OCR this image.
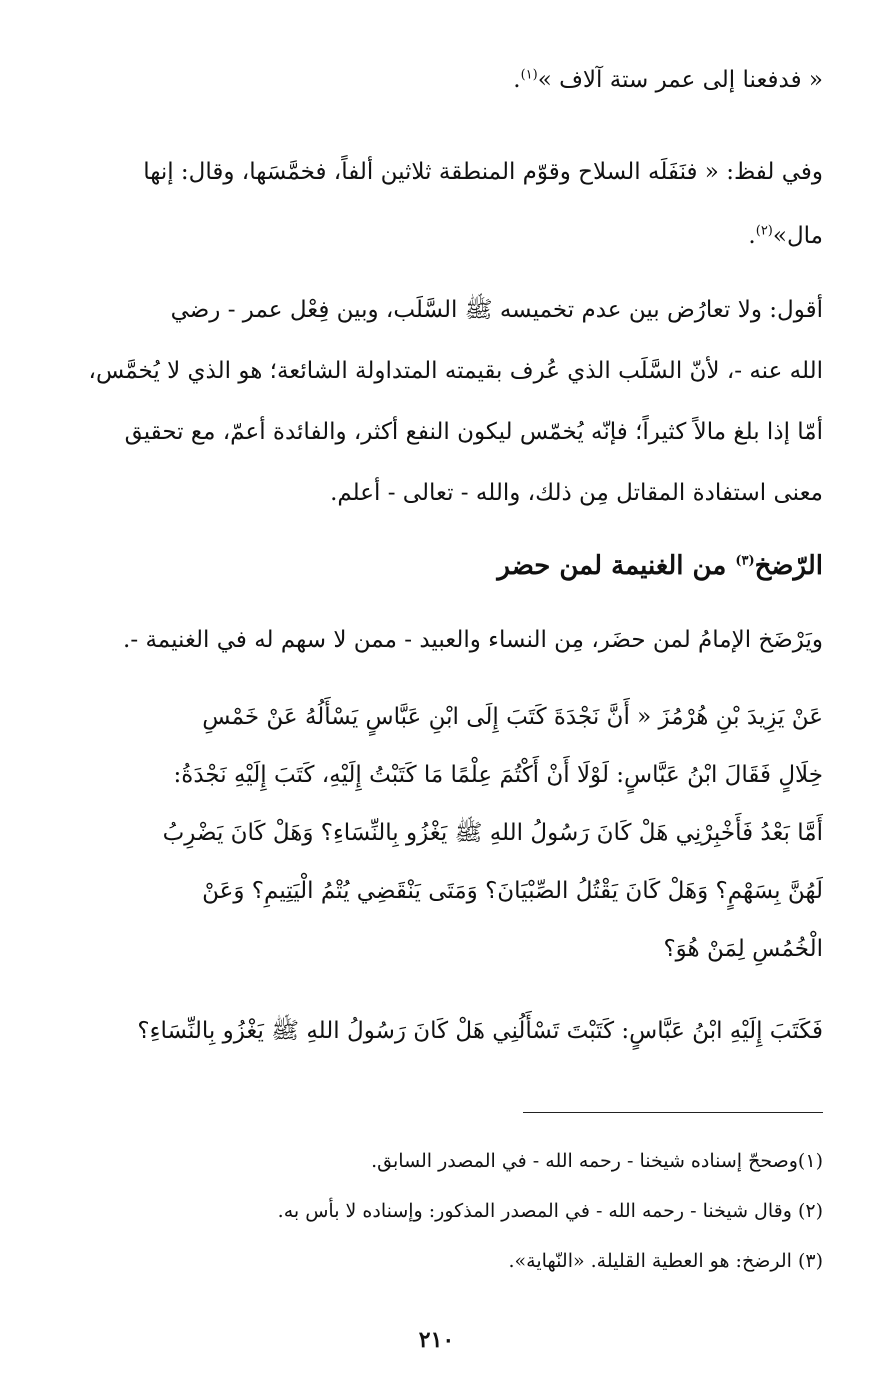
« فدفعنا إلى عمر ستة آلاف »$^{(١)}$.
وفي لفظ: « فنَفَلَه السلاح وقوّم المنطقة ثلاثين ألفاً، فخمَّسَها، وقال: إنها
مال»$^{(٢)}$.
أقول: ولا تعارُض بين عدم تخميسه ﷺ السَّلَب، وبين فِعْل عمر - رضي
الله عنه -، لأنّ السَّلَب الذي عُرف بقيمته المتداولة الشائعة؛ هو الذي لا يُخمَّس،
أمّا إذا بلغ مالاً كثيراً؛ فإنّه يُخمّس ليكون النفع أكثر، والفائدة أعمّ، مع تحقيق
معنى استفادة المقاتل مِن ذلك، والله - تعالى - أعلم.
الرّضخ$^{(٣)}$ من الغنيمة لمن حضر
ويَرْضَخ الإمامُ لمن حضَر، مِن النساء والعبيد - ممن لا سهم له في الغنيمة -.
عَنْ يَزِيدَ بْنِ هُرْمُزَ « أَنَّ نَجْدَةَ كَتَبَ إِلَى ابْنِ عَبَّاسٍ يَسْأَلُهُ عَنْ خَمْسِ
خِلَالٍ فَقَالَ ابْنُ عَبَّاسٍ: لَوْلَا أَنْ أَكْتُمَ عِلْمًا مَا كَتَبْتُ إِلَيْهِ، كَتَبَ إِلَيْهِ نَجْدَةُ:
أَمَّا بَعْدُ فَأَخْبِرْنِي هَلْ كَانَ رَسُولُ اللهِ ﷺ يَغْزُو بِالنِّسَاءِ؟ وَهَلْ كَانَ يَضْرِبُ
لَهُنَّ بِسَهْمٍ؟ وَهَلْ كَانَ يَقْتُلُ الصِّبْيَانَ؟ وَمَتَى يَنْقَضِي يُتْمُ الْيَتِيمِ؟ وَعَنْ
الْخُمُسِ لِمَنْ هُوَ؟
فَكَتَبَ إِلَيْهِ ابْنُ عَبَّاسٍ: كَتَبْتَ تَسْأَلُنِي هَلْ كَانَ رَسُولُ اللهِ ﷺ يَغْزُو بِالنِّسَاءِ؟
(١)وصححّ إسناده شيخنا - رحمه الله - في المصدر السابق.
(٢) وقال شيخنا - رحمه الله - في المصدر المذكور: وإسناده لا بأس به.
(٣) الرضخ: هو العطية القليلة. «النّهاية».
٢١٠
